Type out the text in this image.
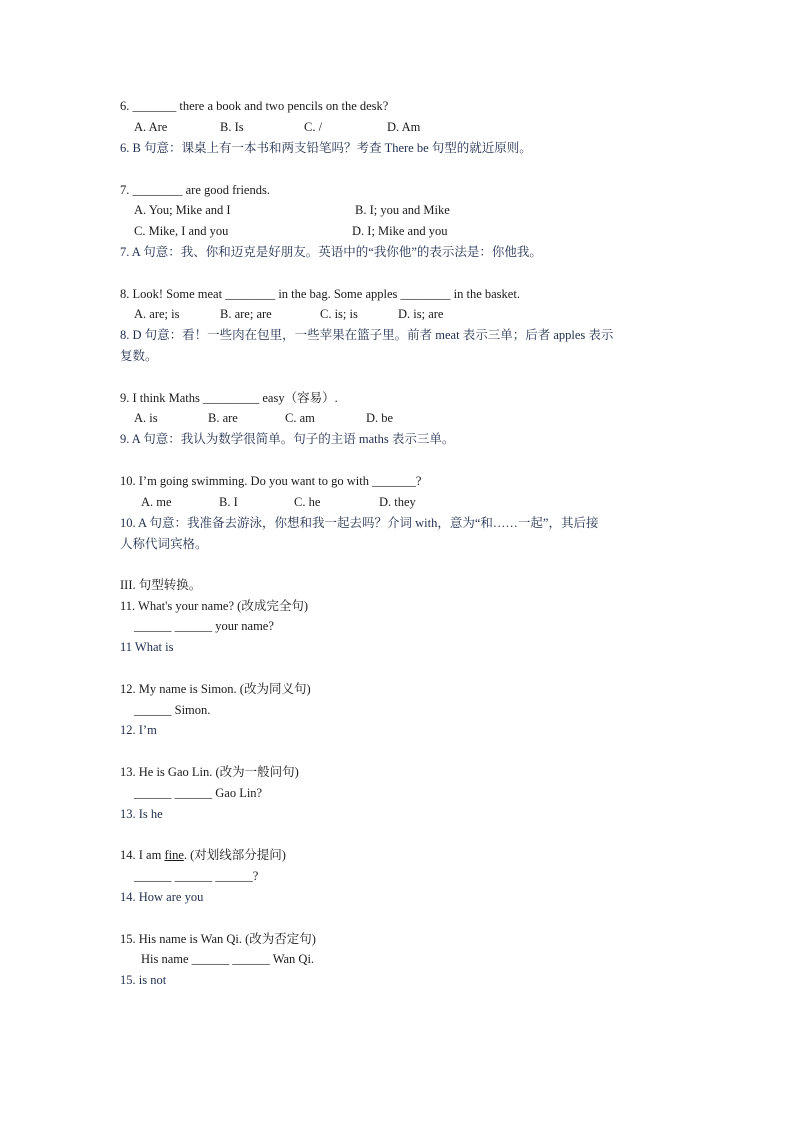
6. _______ there a book and two pencils on the desk?
A. Are	B. Is	C. /	D. Am
6. B 句意：课桌上有一本书和两支铅笔吗？考查 There be 句型的就近原则。
7. ________ are good friends.
A. You; Mike and I	B. I; you and Mike
C. Mike, I and you	D. I; Mike and you
7. A 句意：我、你和迈克是好朋友。英语中的“我你他”的表示法是：你他我。
8. Look! Some meat ________ in the bag. Some apples ________ in the basket.
A. are; is	B. are; are	C. is; is	D. is; are
8. D 句意：看！一些肉在包里，一些苹果在篮子里。前者 meat 表示三单；后者 apples 表示
复数。
9. I think Maths _________ easy（容易）.
A. is	B. are	C. am	D. be
9. A 句意：我认为数学很简单。句子的主语 maths 表示三单。
10. I’m going swimming. Do you want to go with _______?
A. me	B. I	C. he	D. they
10. A 句意：我准备去游泳，你想和我一起去吗？介词 with，意为“和……一起”，其后接
人称代词宾格。
III. 句型转换。
11. What's your name? (改成完全句)
______ ______ your name?
11 What is
12. My name is Simon. (改为同义句)
______ Simon.
12. I’m
13. He is Gao Lin. (改为一般问句)
______ ______ Gao Lin?
13. Is he
14. I am fine. (对划线部分提问)
______ ______ ______?
14. How are you
15. His name is Wan Qi. (改为否定句)
His name ______ ______ Wan Qi.
15. is not
